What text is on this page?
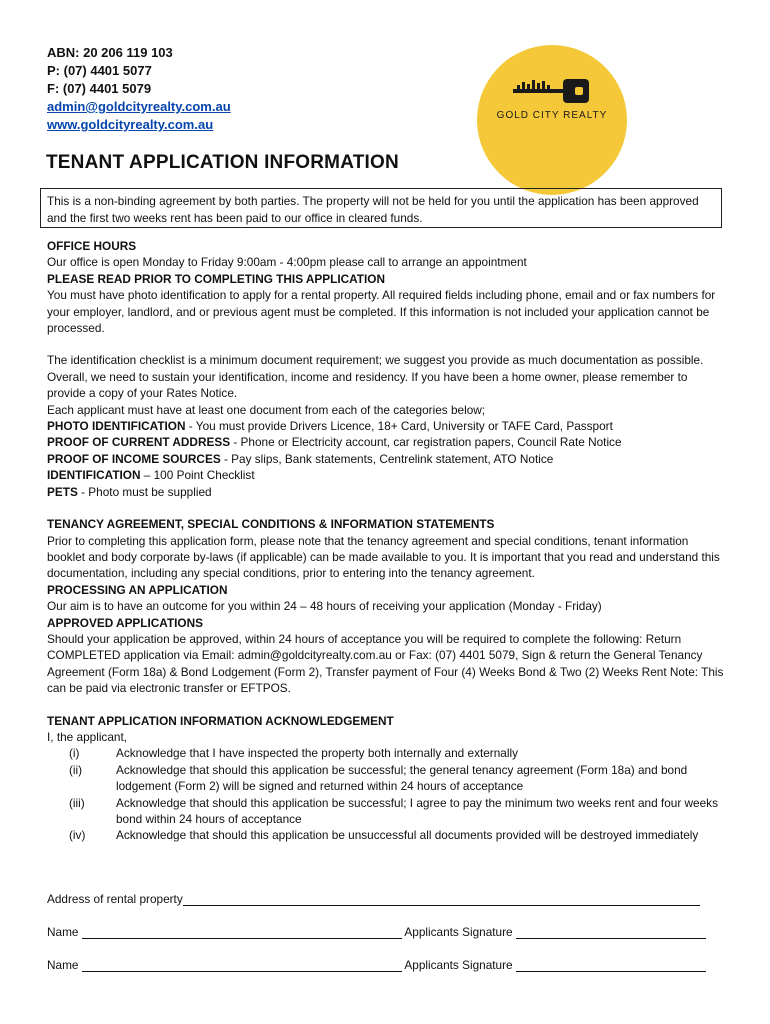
ABN: 20 206 119 103
P: (07) 4401 5077
F: (07) 4401 5079
admin@goldcityrealty.com.au
www.goldcityrealty.com.au
GOLD CITY REALTY
TENANT APPLICATION INFORMATION
This is a non-binding agreement by both parties. The property will not be held for you until the application has been approved and the first two weeks rent has been paid to our office in cleared funds.

OFFICE HOURS

Our office is open Monday to Friday 9:00am - 4:00pm please call to arrange an appointment

PLEASE READ PRIOR TO COMPLETING THIS APPLICATION

You must have photo identification to apply for a rental property. All required fields including phone, email and or fax numbers for your employer, landlord, and or previous agent must be completed. If this information is not included your application cannot be processed.

The identification checklist is a minimum document requirement; we suggest you provide as much documentation as possible. Overall, we need to sustain your identification, income and residency. If you have been a home owner, please remember to provide a copy of your Rates Notice.

Each applicant must have at least one document from each of the categories below;

PHOTO IDENTIFICATION - You must provide Drivers Licence, 18+ Card, University or TAFE Card, Passport

PROOF OF CURRENT ADDRESS - Phone or Electricity account, car registration papers, Council Rate Notice

PROOF OF INCOME SOURCES - Pay slips, Bank statements, Centrelink statement, ATO Notice

IDENTIFICATION – 100 Point Checklist

PETS - Photo must be supplied

TENANCY AGREEMENT, SPECIAL CONDITIONS & INFORMATION STATEMENTS

Prior to completing this application form, please note that the tenancy agreement and special conditions, tenant information booklet and body corporate by-laws (if applicable) can be made available to you. It is important that you read and understand this documentation, including any special conditions, prior to entering into the tenancy agreement.

PROCESSING AN APPLICATION

Our aim is to have an outcome for you within 24 – 48 hours of receiving your application (Monday - Friday)

APPROVED APPLICATIONS

Should your application be approved, within 24 hours of acceptance you will be required to complete the following: Return COMPLETED application via Email: admin@goldcityrealty.com.au or Fax: (07) 4401 5079, Sign & return the General Tenancy Agreement (Form 18a) & Bond Lodgement (Form 2), Transfer payment of Four (4) Weeks Bond & Two (2) Weeks Rent Note: This can be paid via electronic transfer or EFTPOS.

TENANT APPLICATION INFORMATION ACKNOWLEDGEMENT

I, the applicant,

(i)	Acknowledge that I have inspected the property both internally and externally
(ii)	Acknowledge that should this application be successful; the general tenancy agreement (Form 18a) and bond lodgement (Form 2) will be signed and returned within 24 hours of acceptance
(iii)	Acknowledge that should this application be successful; I agree to pay the minimum two weeks rent and four weeks bond within 24 hours of acceptance
(iv)	Acknowledge that should this application be unsuccessful all documents provided will be destroyed immediately
Address of rental property
Name	Applicants Signature
Name	Applicants Signature
